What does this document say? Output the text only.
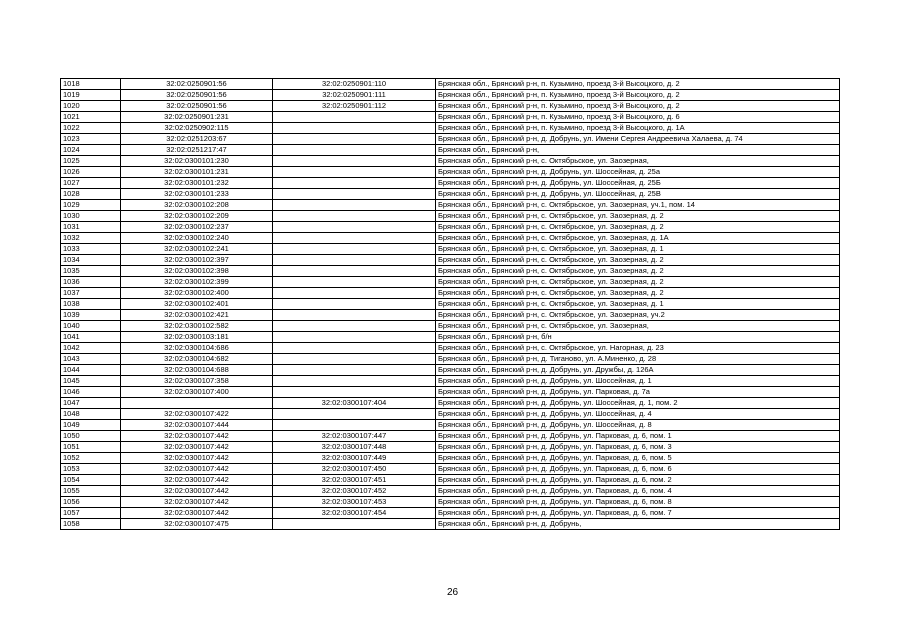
1018	32:02:0250901:56	32:02:0250901:110	Брянская обл., Брянский р-н, п. Кузьмино, проезд 3-й Высоцкого, д. 2
1019	32:02:0250901:56	32:02:0250901:111	Брянская обл., Брянский р-н, п. Кузьмино, проезд 3-й Высоцкого, д. 2
1020	32:02:0250901:56	32:02:0250901:112	Брянская обл., Брянский р-н, п. Кузьмино, проезд 3-й Высоцкого, д. 2
1021	32:02:0250901:231		Брянская обл., Брянский р-н, п. Кузьмино, проезд 3-й Высоцкого, д. 6
1022	32:02:0250902:115		Брянская обл., Брянский р-н, п. Кузьмино, проезд 3-й Высоцкого, д. 1А
1023	32:02:0251203:67		Брянская обл., Брянский р-н, д. Добрунь, ул. Имени Сергея Андреевича Халаева, д. 74
1024	32:02:0251217:47		Брянская обл., Брянский р-н,
1025	32:02:0300101:230		Брянская обл., Брянский р-н, с. Октябрьское, ул. Заозерная,
1026	32:02:0300101:231		Брянская обл., Брянский р-н, д. Добрунь, ул. Шоссейная, д. 25а
1027	32:02:0300101:232		Брянская обл., Брянский р-н, д. Добрунь, ул. Шоссейная, д. 25Б
1028	32:02:0300101:233		Брянская обл., Брянский р-н, д. Добрунь, ул. Шоссейная, д. 25В
1029	32:02:0300102:208		Брянская обл., Брянский р-н, с. Октябрьское, ул. Заозерная, уч.1, пом. 14
1030	32:02:0300102:209		Брянская обл., Брянский р-н, с. Октябрьское, ул. Заозерная, д. 2
1031	32:02:0300102:237		Брянская обл., Брянский р-н, с. Октябрьское, ул. Заозерная, д. 2
1032	32:02:0300102:240		Брянская обл., Брянский р-н, с. Октябрьское, ул. Заозерная, д. 1А
1033	32:02:0300102:241		Брянская обл., Брянский р-н, с. Октябрьское, ул. Заозерная, д. 1
1034	32:02:0300102:397		Брянская обл., Брянский р-н, с. Октябрьское, ул. Заозерная, д. 2
1035	32:02:0300102:398		Брянская обл., Брянский р-н, с. Октябрьское, ул. Заозерная, д. 2
1036	32:02:0300102:399		Брянская обл., Брянский р-н, с. Октябрьское, ул. Заозерная, д. 2
1037	32:02:0300102:400		Брянская обл., Брянский р-н, с. Октябрьское, ул. Заозерная, д. 2
1038	32:02:0300102:401		Брянская обл., Брянский р-н, с. Октябрьское, ул. Заозерная, д. 1
1039	32:02:0300102:421		Брянская обл., Брянский р-н, с. Октябрьское, ул. Заозерная, уч.2
1040	32:02:0300102:582		Брянская обл., Брянский р-н, с. Октябрьское, ул. Заозерная,
1041	32:02:0300103:181		Брянская обл., Брянский р-н, б/н
1042	32:02:0300104:686		Брянская обл., Брянский р-н, с. Октябрьское, ул. Нагорная, д. 23
1043	32:02:0300104:682		Брянская обл., Брянский р-н, д. Тиганово, ул. А.Миненко, д. 28
1044	32:02:0300104:688		Брянская обл., Брянский р-н, д. Добрунь, ул. Дружбы, д. 126А
1045	32:02:0300107:358		Брянская обл., Брянский р-н, д. Добрунь, ул. Шоссейная, д. 1
1046	32:02:0300107:400		Брянская обл., Брянский р-н, д. Добрунь, ул. Парковая, д. 7а
1047		32:02:0300107:404	Брянская обл., Брянский р-н, д. Добрунь, ул. Шоссейная, д. 1, пом. 2
1048	32:02:0300107:422		Брянская обл., Брянский р-н, д. Добрунь, ул. Шоссейная, д. 4
1049	32:02:0300107:444		Брянская обл., Брянский р-н, д. Добрунь, ул. Шоссейная, д. 8
1050	32:02:0300107:442	32:02:0300107:447	Брянская обл., Брянский р-н, д. Добрунь, ул. Парковая, д. 6, пом. 1
1051	32:02:0300107:442	32:02:0300107:448	Брянская обл., Брянский р-н, д. Добрунь, ул. Парковая, д. 6, пом. 3
1052	32:02:0300107:442	32:02:0300107:449	Брянская обл., Брянский р-н, д. Добрунь, ул. Парковая, д. 6, пом. 5
1053	32:02:0300107:442	32:02:0300107:450	Брянская обл., Брянский р-н, д. Добрунь, ул. Парковая, д. 6, пом. 6
1054	32:02:0300107:442	32:02:0300107:451	Брянская обл., Брянский р-н, д. Добрунь, ул. Парковая, д. 6, пом. 2
1055	32:02:0300107:442	32:02:0300107:452	Брянская обл., Брянский р-н, д. Добрунь, ул. Парковая, д. 6, пом. 4
1056	32:02:0300107:442	32:02:0300107:453	Брянская обл., Брянский р-н, д. Добрунь, ул. Парковая, д. 6, пом. 8
1057	32:02:0300107:442	32:02:0300107:454	Брянская обл., Брянский р-н, д. Добрунь, ул. Парковая, д. 6, пом. 7
1058	32:02:0300107:475		Брянская обл., Брянский р-н, д. Добрунь,
26
